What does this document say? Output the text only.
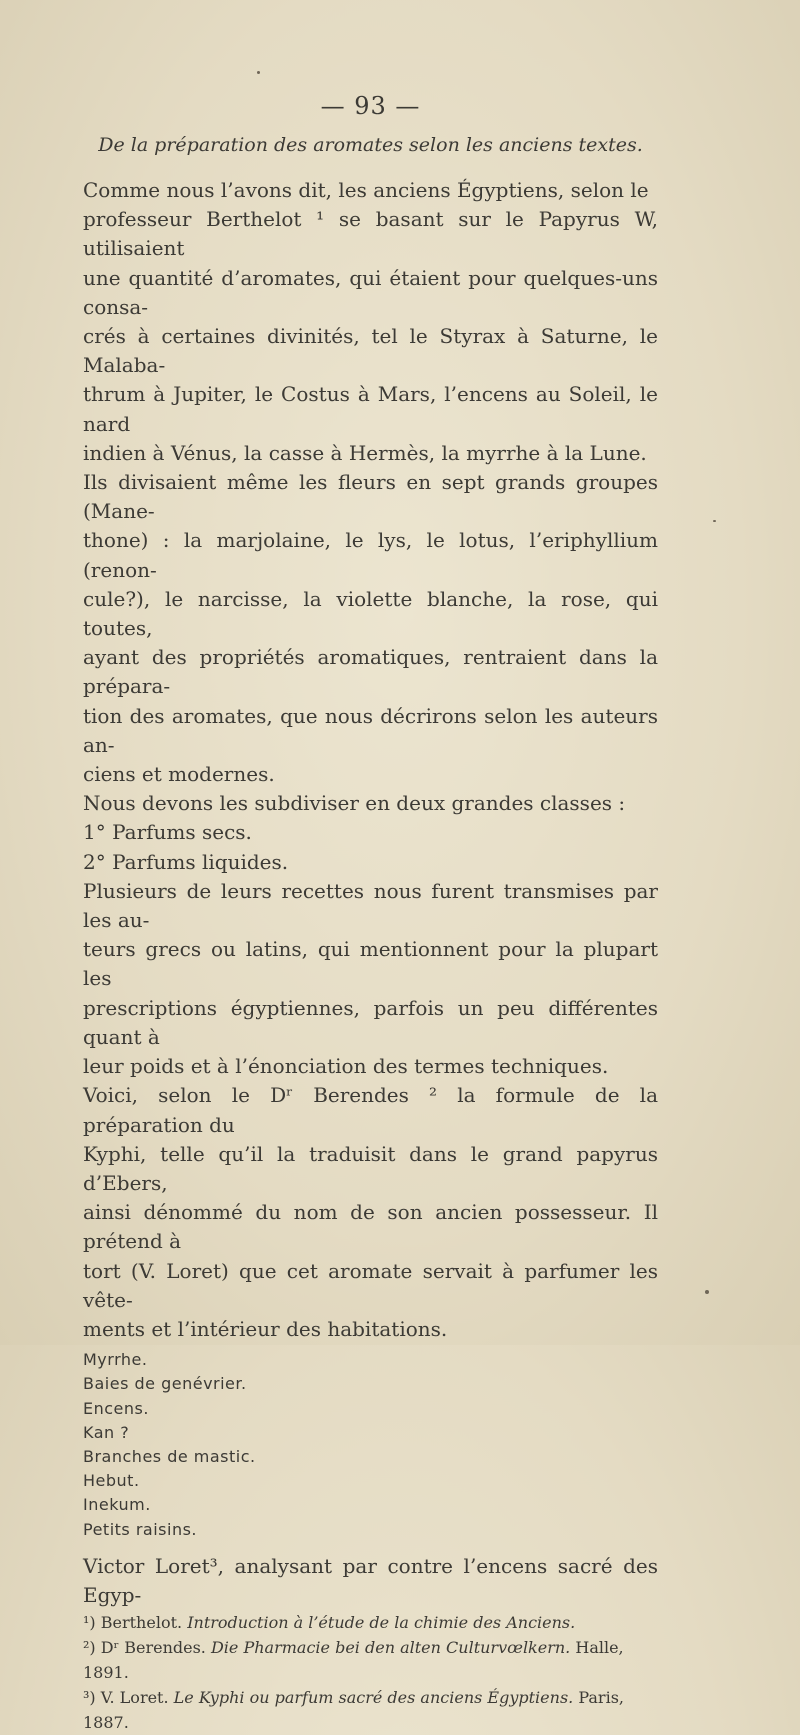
— 93 —
De la préparation des aromates selon les anciens textes.
Comme nous l’avons dit, les anciens Égyptiens, selon le
professeur Berthelot ¹ se basant sur le Papyrus W, utilisaient
une quantité d’aromates, qui étaient pour quelques-uns consa-
crés à certaines divinités, tel le Styrax à Saturne, le Malaba-
thrum à Jupiter, le Costus à Mars, l’encens au Soleil, le nard
indien à Vénus, la casse à Hermès, la myrrhe à la Lune.
Ils divisaient même les fleurs en sept grands groupes (Mane-
thone) : la marjolaine, le lys, le lotus, l’eriphyllium (renon-
cule?), le narcisse, la violette blanche, la rose, qui toutes,
ayant des propriétés aromatiques, rentraient dans la prépara-
tion des aromates, que nous décrirons selon les auteurs an-
ciens et modernes.
Nous devons les subdiviser en deux grandes classes :
1° Parfums secs.
2° Parfums liquides.
Plusieurs de leurs recettes nous furent transmises par les au-
teurs grecs ou latins, qui mentionnent pour la plupart les
prescriptions égyptiennes, parfois un peu différentes quant à
leur poids et à l’énonciation des termes techniques.
Voici, selon le Dʳ Berendes ² la formule de la préparation du
Kyphi, telle qu’il la traduisit dans le grand papyrus d’Ebers,
ainsi dénommé du nom de son ancien possesseur. Il prétend à
tort (V. Loret) que cet aromate servait à parfumer les vête-
ments et l’intérieur des habitations.
Myrrhe.
Baies de genévrier.
Encens.
Kan ?
Branches de mastic.
Hebut.
Inekum.
Petits raisins.
Victor Loret³, analysant par contre l’encens sacré des Egyp-
¹) Berthelot. Introduction à l’étude de la chimie des Anciens.
²) Dʳ Berendes. Die Pharmacie bei den alten Culturvœlkern. Halle, 1891.
³) V. Loret. Le Kyphi ou parfum sacré des anciens Égyptiens. Paris, 1887.
